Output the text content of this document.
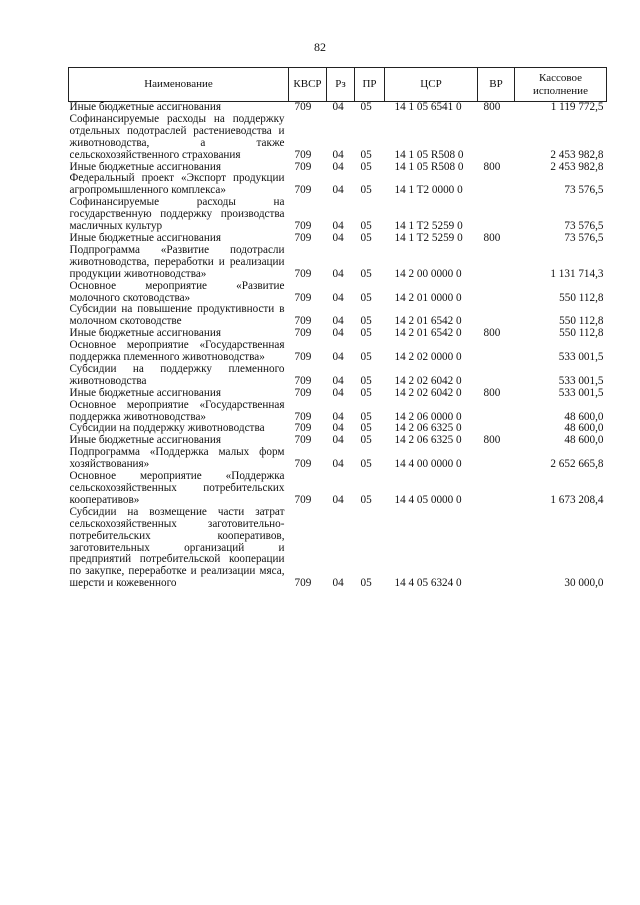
82
Наименование	КВСР	Рз	ПР	ЦСР	ВР	Кассовое исполнение
Иные бюджетные ассигнования	709	04	05	14 1 05 6541 0	800	1 119 772,5
Софинансируемые расходы на поддержку отдельных подотраслей растениеводства и животноводства, а также сельскохозяйственного страхования	709	04	05	14 1 05 R508 0		2 453 982,8
Иные бюджетные ассигнования	709	04	05	14 1 05 R508 0	800	2 453 982,8
Федеральный проект «Экспорт продукции агропромышленного комплекса»	709	04	05	14 1 T2 0000 0		73 576,5
Софинансируемые расходы на государственную поддержку производства масличных культур	709	04	05	14 1 T2 5259 0		73 576,5
Иные бюджетные ассигнования	709	04	05	14 1 T2 5259 0	800	73 576,5
Подпрограмма «Развитие подотрасли животноводства, переработки и реализации продукции животноводства»	709	04	05	14 2 00 0000 0		1 131 714,3
Основное мероприятие «Развитие молочного скотоводства»	709	04	05	14 2 01 0000 0		550 112,8
Субсидии на повышение продуктивности в молочном скотоводстве	709	04	05	14 2 01 6542 0		550 112,8
Иные бюджетные ассигнования	709	04	05	14 2 01 6542 0	800	550 112,8
Основное мероприятие «Государственная поддержка племенного животноводства»	709	04	05	14 2 02 0000 0		533 001,5
Субсидии на поддержку племенного животноводства	709	04	05	14 2 02 6042 0		533 001,5
Иные бюджетные ассигнования	709	04	05	14 2 02 6042 0	800	533 001,5
Основное мероприятие «Государственная поддержка животноводства»	709	04	05	14 2 06 0000 0		48 600,0
Субсидии на поддержку животноводства	709	04	05	14 2 06 6325 0		48 600,0
Иные бюджетные ассигнования	709	04	05	14 2 06 6325 0	800	48 600,0
Подпрограмма «Поддержка малых форм хозяйствования»	709	04	05	14 4 00 0000 0		2 652 665,8
Основное мероприятие «Поддержка сельскохозяйственных потребительских кооперативов»	709	04	05	14 4 05 0000 0		1 673 208,4
Субсидии на возмещение части затрат сельскохозяйственных заготовительно-потребительских кооперативов, заготовительных организаций и предприятий потребительской кооперации по закупке, переработке и реализации мяса, шерсти и кожевенного	709	04	05	14 4 05 6324 0		30 000,0
